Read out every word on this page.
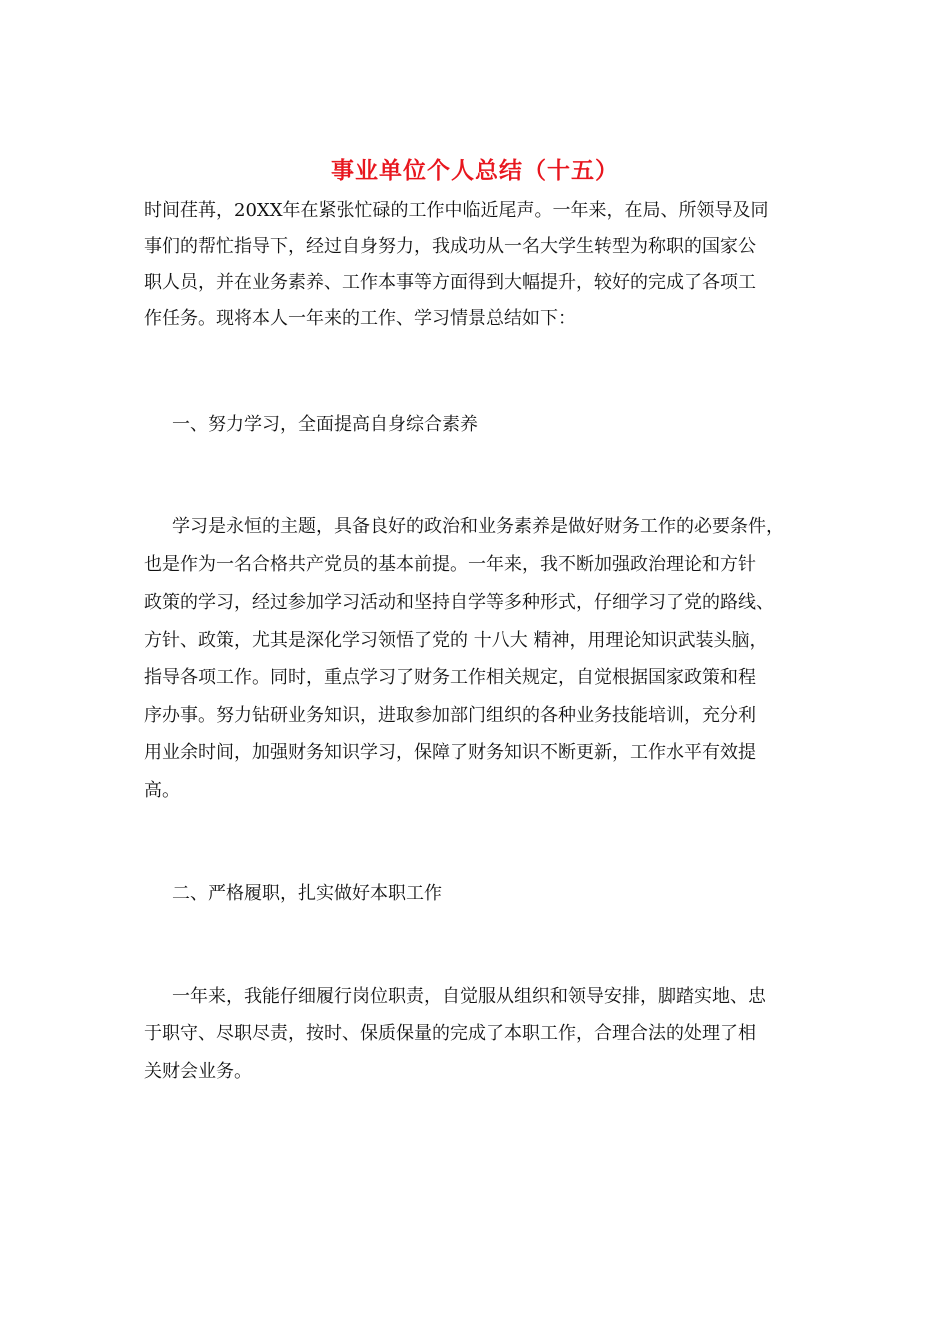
事业单位个人总结（十五）

时间荏苒，20XX年在紧张忙碌的工作中临近尾声。一年来，在局、所领导及同

事们的帮忙指导下，经过自身努力，我成功从一名大学生转型为称职的国家公

职人员，并在业务素养、工作本事等方面得到大幅提升，较好的完成了各项工

作任务。现将本人一年来的工作、学习情景总结如下：

一、努力学习，全面提高自身综合素养

学习是永恒的主题，具备良好的政治和业务素养是做好财务工作的必要条件，

也是作为一名合格共产党员的基本前提。一年来，我不断加强政治理论和方针

政策的学习，经过参加学习活动和坚持自学等多种形式，仔细学习了党的路线、

方针、政策，尤其是深化学习领悟了党的 十八大 精神，用理论知识武装头脑，

指导各项工作。同时，重点学习了财务工作相关规定，自觉根据国家政策和程

序办事。努力钻研业务知识，进取参加部门组织的各种业务技能培训，充分利

用业余时间，加强财务知识学习，保障了财务知识不断更新，工作水平有效提

高。

二、严格履职，扎实做好本职工作

一年来，我能仔细履行岗位职责，自觉服从组织和领导安排，脚踏实地、忠

于职守、尽职尽责，按时、保质保量的完成了本职工作，合理合法的处理了相

关财会业务。
